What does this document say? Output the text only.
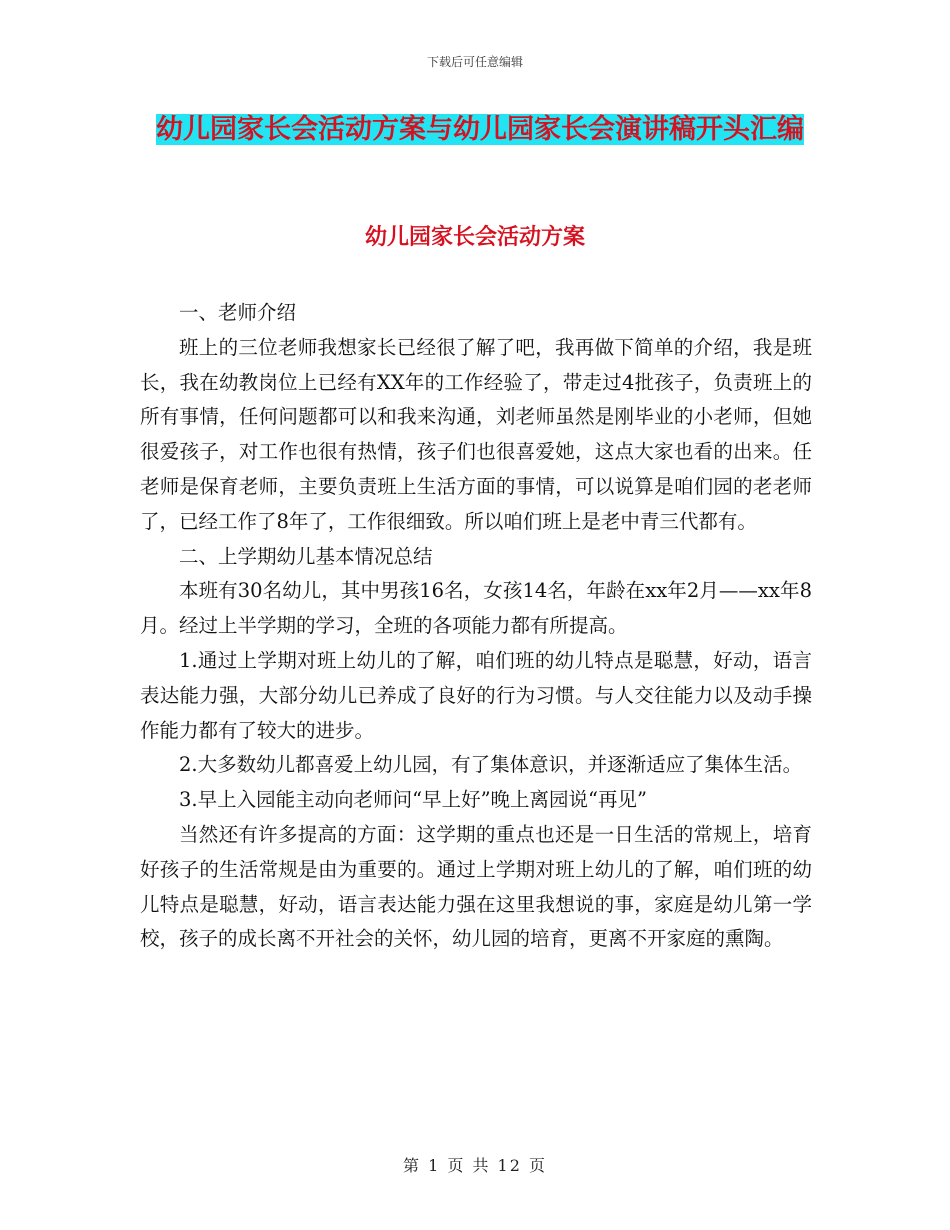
下载后可任意编辑
幼儿园家长会活动方案与幼儿园家长会演讲稿开头汇编
幼儿园家长会活动方案

一、老师介绍

班上的三位老师我想家长已经很了解了吧，我再做下简单的介绍，我是班长，我在幼教岗位上已经有XX年的工作经验了，带走过4批孩子，负责班上的所有事情，任何问题都可以和我来沟通，刘老师虽然是刚毕业的小老师，但她很爱孩子，对工作也很有热情，孩子们也很喜爱她，这点大家也看的出来。任老师是保育老师，主要负责班上生活方面的事情，可以说算是咱们园的老老师了，已经工作了8年了，工作很细致。所以咱们班上是老中青三代都有。

二、上学期幼儿基本情况总结

本班有30名幼儿，其中男孩16名，女孩14名，年龄在xx年2月——xx年8月。经过上半学期的学习，全班的各项能力都有所提高。

1.通过上学期对班上幼儿的了解，咱们班的幼儿特点是聪慧，好动，语言表达能力强，大部分幼儿已养成了良好的行为习惯。与人交往能力以及动手操作能力都有了较大的进步。

2.大多数幼儿都喜爱上幼儿园，有了集体意识，并逐渐适应了集体生活。

3.早上入园能主动向老师问“早上好”晚上离园说“再见”

当然还有许多提高的方面：这学期的重点也还是一日生活的常规上，培育好孩子的生活常规是由为重要的。通过上学期对班上幼儿的了解，咱们班的幼儿特点是聪慧，好动，语言表达能力强在这里我想说的事，家庭是幼儿第一学校，孩子的成长离不开社会的关怀，幼儿园的培育，更离不开家庭的熏陶。

第 1 页 共 12 页
